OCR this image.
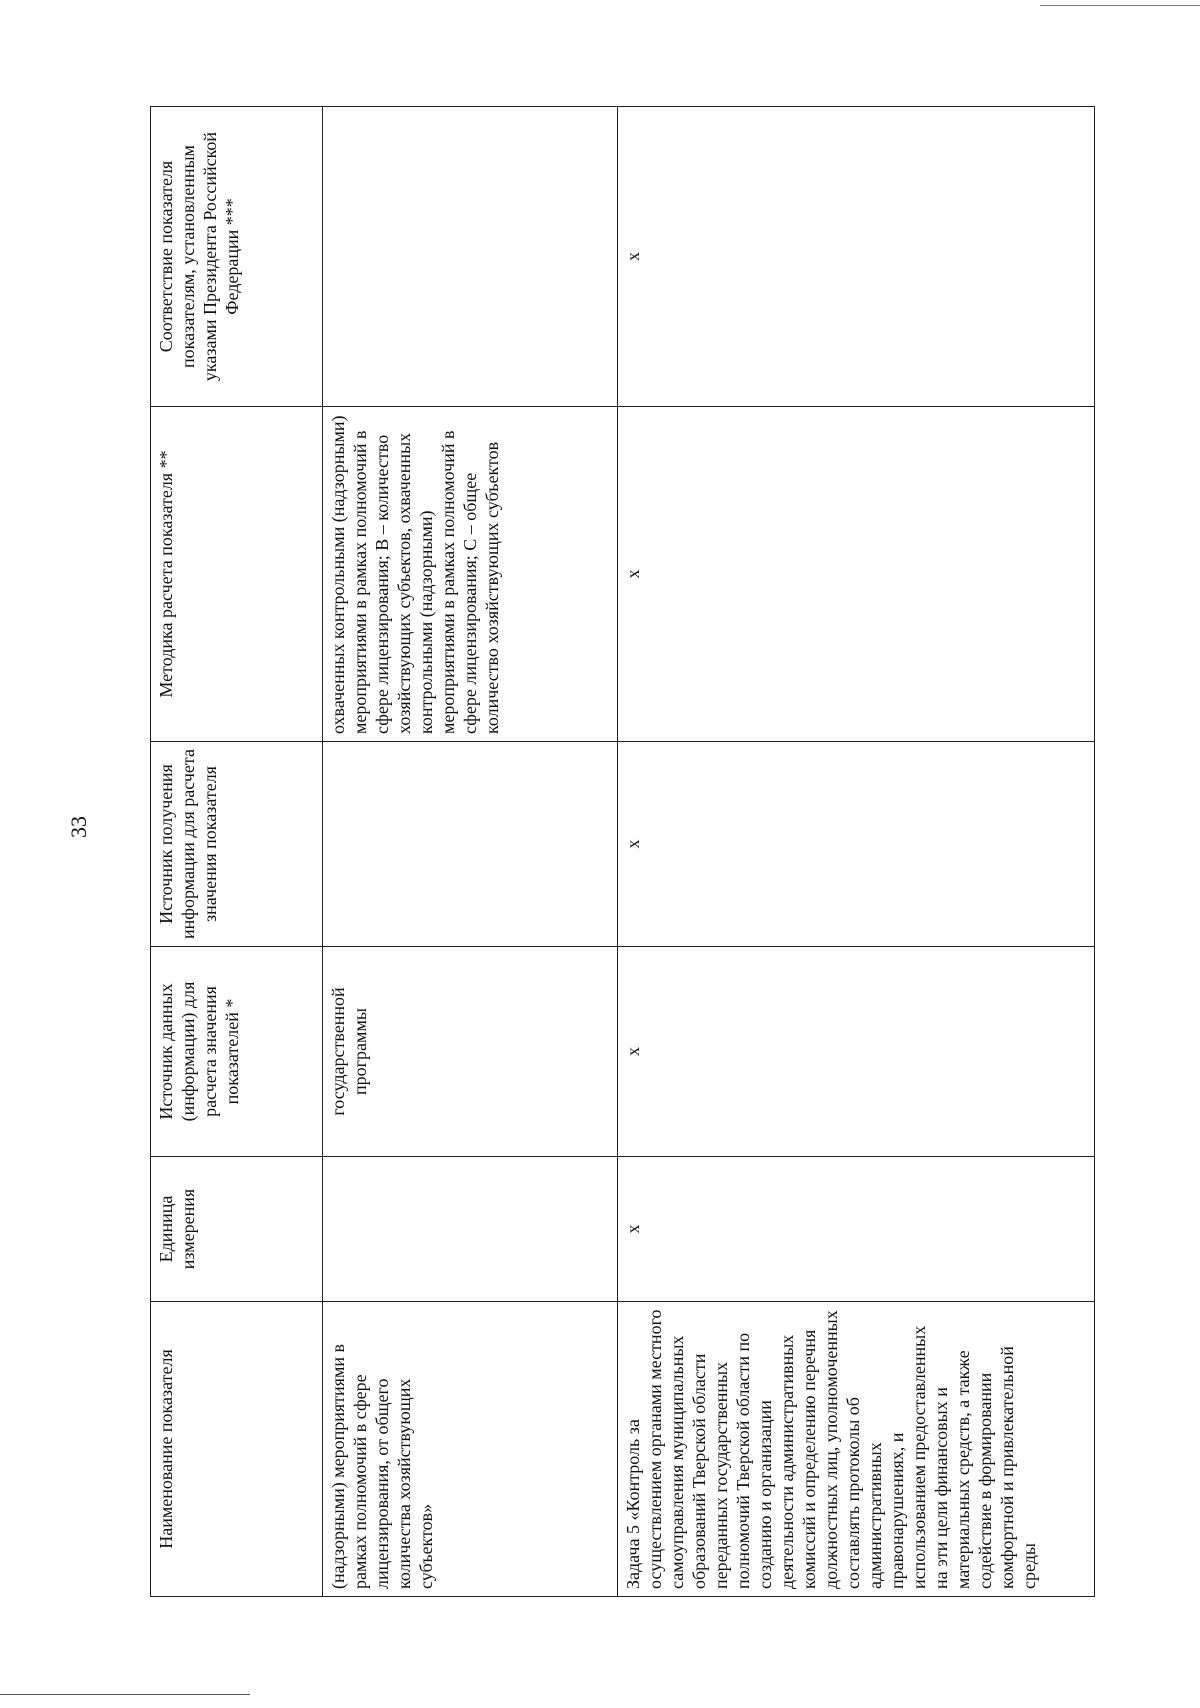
33
Наименование показателя	Единица измерения	Источник данных (информации) для расчета значения показателей *	Источник получения информации для расчета значения показателя	Методика расчета показателя **	Соответствие показателя показателям, установленным указами Президента Российской Федерации ***
(надзорными) мероприятиями в рамках полномочий в сфере лицензирования, от общего количества хозяйствующих субъектов»		государственной программы		охваченных контрольными (надзорными) мероприятиями в рамках полномочий в сфере лицензирования; В – количество хозяйствующих субъектов, охваченных контрольными (надзорными) мероприятиями в рамках полномочий в сфере лицензирования; С – общее количество хозяйствующих субъектов	
Задача 5 «Контроль за осуществлением органами местного самоуправления муниципальных образований Тверской области переданных государственных полномочий Тверской области по созданию и организации деятельности административных комиссий и определению перечня должностных лиц, уполномоченных составлять протоколы об административных правонарушениях, и использованием предоставленных на эти цели финансовых и материальных средств, а также содействие в формировании комфортной и привлекательной среды	х	х	х	х	х
